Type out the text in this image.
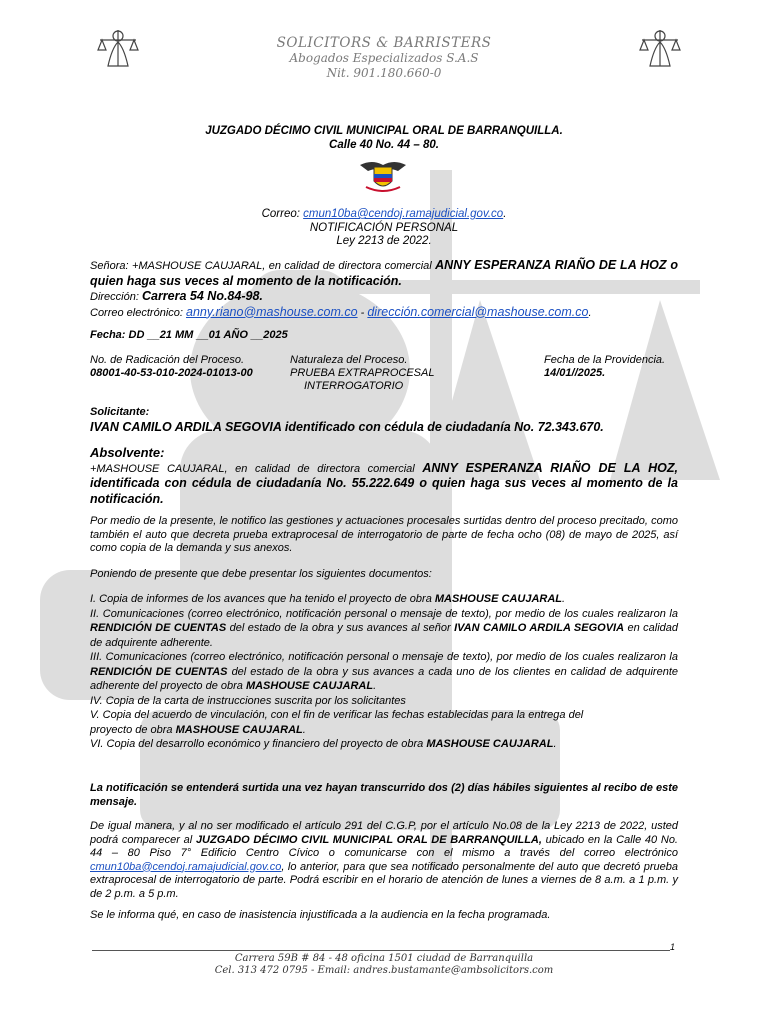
SOLICITORS & BARRISTERS
Abogados Especializados S.A.S
Nit. 901.180.660-0
JUZGADO DÉCIMO CIVIL MUNICIPAL ORAL DE BARRANQUILLA.
Calle 40 No. 44 – 80.
Correo: cmun10ba@cendoj.ramajudicial.gov.co.
NOTIFICACIÓN PERSONAL
Ley 2213 de 2022.
Señora: +MASHOUSE CAUJARAL, en calidad de directora comercial ANNY ESPERANZA RIAÑO DE LA HOZ o quien haga sus veces al momento de la notificación.
Dirección: Carrera 54 No.84-98.
Correo electrónico: anny.riano@mashouse.com.co - dirección.comercial@mashouse.com.co.
Fecha: DD __21 MM __01 AÑO __2025
No. de Radicación del Proceso.
08001-40-53-010-2024-01013-00
Naturaleza del Proceso.
PRUEBA EXTRAPROCESAL
INTERROGATORIO
Fecha de la Providencia.
14/01//2025.
Solicitante:
IVAN CAMILO ARDILA SEGOVIA identificado con cédula de ciudadanía No. 72.343.670.
Absolvente:
+MASHOUSE CAUJARAL, en calidad de directora comercial ANNY ESPERANZA RIAÑO DE LA HOZ, identificada con cédula de ciudadanía No. 55.222.649 o quien haga sus veces al momento de la notificación.
Por medio de la presente, le notifico las gestiones y actuaciones procesales surtidas dentro del proceso precitado, como también el auto que decreta prueba extraprocesal de interrogatorio de parte de fecha ocho (08) de mayo de 2025, así como copia de la demanda y sus anexos.
Poniendo de presente que debe presentar los siguientes documentos:
I. Copia de informes de los avances que ha tenido el proyecto de obra MASHOUSE CAUJARAL.
II. Comunicaciones (correo electrónico, notificación personal o mensaje de texto), por medio de los cuales realizaron la RENDICIÓN DE CUENTAS del estado de la obra y sus avances al señor IVAN CAMILO ARDILA SEGOVIA en calidad de adquirente adherente.
III. Comunicaciones (correo electrónico, notificación personal o mensaje de texto), por medio de los cuales realizaron la RENDICIÓN DE CUENTAS del estado de la obra y sus avances a cada uno de los clientes en calidad de adquirente adherente del proyecto de obra MASHOUSE CAUJARAL.
IV. Copia de la carta de instrucciones suscrita por los solicitantes
V. Copia del acuerdo de vinculación, con el fin de verificar las fechas establecidas para la entrega del
proyecto de obra MASHOUSE CAUJARAL.
VI. Copia del desarrollo económico y financiero del proyecto de obra MASHOUSE CAUJARAL.
La notificación se entenderá surtida una vez hayan transcurrido dos (2) días hábiles siguientes al recibo de este mensaje.
De igual manera, y al no ser modificado el artículo 291 del C.G.P, por el artículo No.08 de la Ley 2213 de 2022, usted podrá comparecer al JUZGADO DÉCIMO CIVIL MUNICIPAL ORAL DE BARRANQUILLA, ubicado en la Calle 40 No. 44 – 80 Piso 7° Edificio Centro Cívico o comunicarse con el mismo a través del correo electrónico cmun10ba@cendoj.ramajudicial.gov.co, lo anterior, para que sea notificado personalmente del auto que decretó prueba extraprocesal de interrogatorio de parte. Podrá escribir en el horario de atención de lunes a viernes de 8 a.m. a 1 p.m. y de 2 p.m. a 5 p.m.
Se le informa qué, en caso de inasistencia injustificada a la audiencia en la fecha programada.
1
Carrera 59B # 84 - 48 oficina 1501 ciudad de Barranquilla
Cel. 313 472 0795 - Email: andres.bustamante@ambsolicitors.com
